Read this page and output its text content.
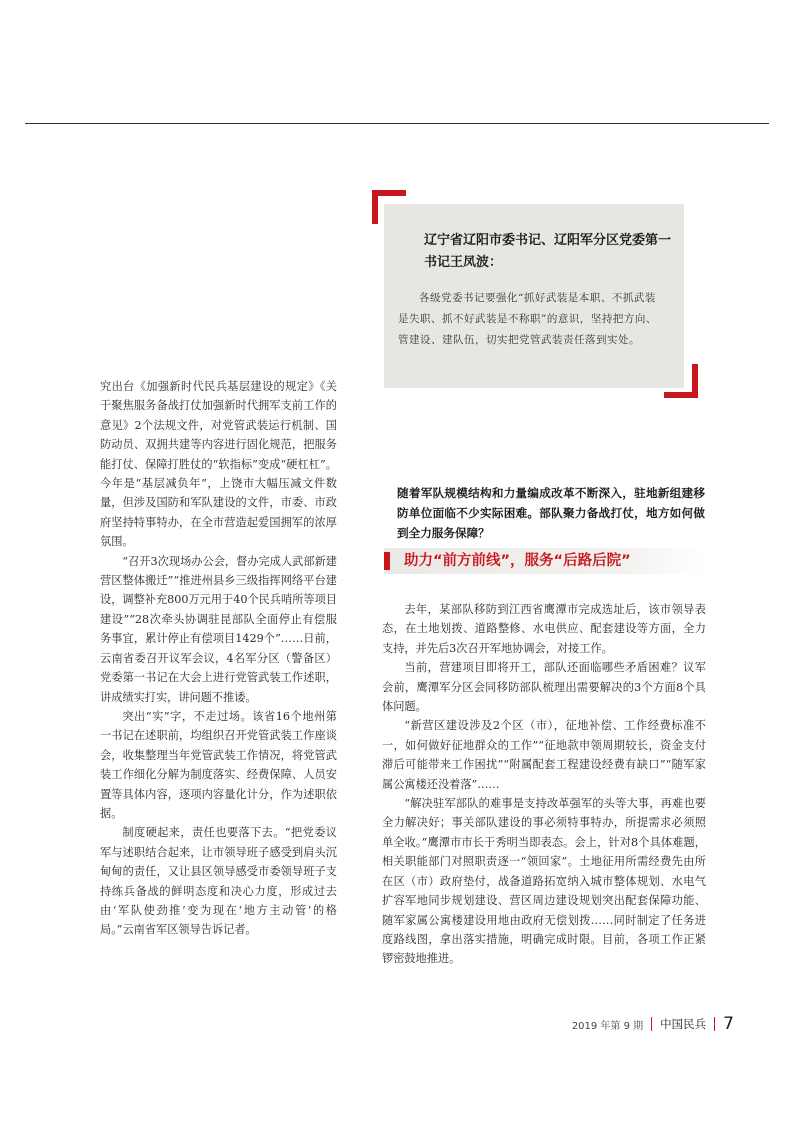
辽宁省辽阳市委书记、辽阳军分区党委第一书记王凤波：
各级党委书记要强化“抓好武装是本职、不抓武装是失职、抓不好武装是不称职”的意识，坚持把方向、管建设、建队伍，切实把党管武装责任落到实处。

究出台《加强新时代民兵基层建设的规定》《关于聚焦服务备战打仗加强新时代拥军支前工作的意见》2个法规文件，对党管武装运行机制、国防动员、双拥共建等内容进行固化规范，把服务能打仗、保障打胜仗的“软指标”变成“硬杠杠”。今年是“基层减负年”，上饶市大幅压减文件数量，但涉及国防和军队建设的文件，市委、市政府坚持特事特办，在全市营造起爱国拥军的浓厚氛围。

“召开3次现场办公会，督办完成人武部新建营区整体搬迁”“推进州县乡三级指挥网络平台建设，调整补充800万元用于40个民兵哨所等项目建设”“28次牵头协调驻昆部队全面停止有偿服务事宜，累计停止有偿项目1429个”……日前，云南省委召开议军会议，4名军分区（警备区）党委第一书记在大会上进行党管武装工作述职，讲成绩实打实，讲问题不推诿。

突出“实”字，不走过场。该省16个地州第一书记在述职前，均组织召开党管武装工作座谈会，收集整理当年党管武装工作情况，将党管武装工作细化分解为制度落实、经费保障、人员安置等具体内容，逐项内容量化计分，作为述职依据。

制度硬起来，责任也要落下去。“把党委议军与述职结合起来，让市领导班子感受到肩头沉甸甸的责任，又让县区领导感受市委领导班子支持练兵备战的鲜明态度和决心力度，形成过去由‘军队使劲推’变为现在‘地方主动管’的格局。”云南省军区领导告诉记者。

随着军队规模结构和力量编成改革不断深入，驻地新组建移防单位面临不少实际困难。部队聚力备战打仗，地方如何做到全力服务保障？
助力“前方前线”，服务“后路后院”

去年，某部队移防到江西省鹰潭市完成选址后，该市领导表态，在土地划拨、道路整修、水电供应、配套建设等方面，全力支持，并先后3次召开军地协调会，对接工作。

当前，营建项目即将开工，部队还面临哪些矛盾困难？议军会前，鹰潭军分区会同移防部队梳理出需要解决的3个方面8个具体问题。

“新营区建设涉及2个区（市），征地补偿、工作经费标准不一，如何做好征地群众的工作”“征地款申领周期较长，资金支付滞后可能带来工作困扰”“附属配套工程建设经费有缺口”“随军家属公寓楼还没着落”……

“解决驻军部队的难事是支持改革强军的头等大事，再难也要全力解决好；事关部队建设的事必须特事特办，所提需求必须照单全收。”鹰潭市市长于秀明当即表态。会上，针对8个具体难题，相关职能部门对照职责逐一“领回家”。土地征用所需经费先由所在区（市）政府垫付，战备道路拓宽纳入城市整体规划、水电气扩容军地同步规划建设、营区周边建设规划突出配套保障功能、随军家属公寓楼建设用地由政府无偿划拨……同时制定了任务进度路线图，拿出落实措施，明确完成时限。目前，各项工作正紧锣密鼓地推进。

2019 年第 9 期 中国民兵 7
